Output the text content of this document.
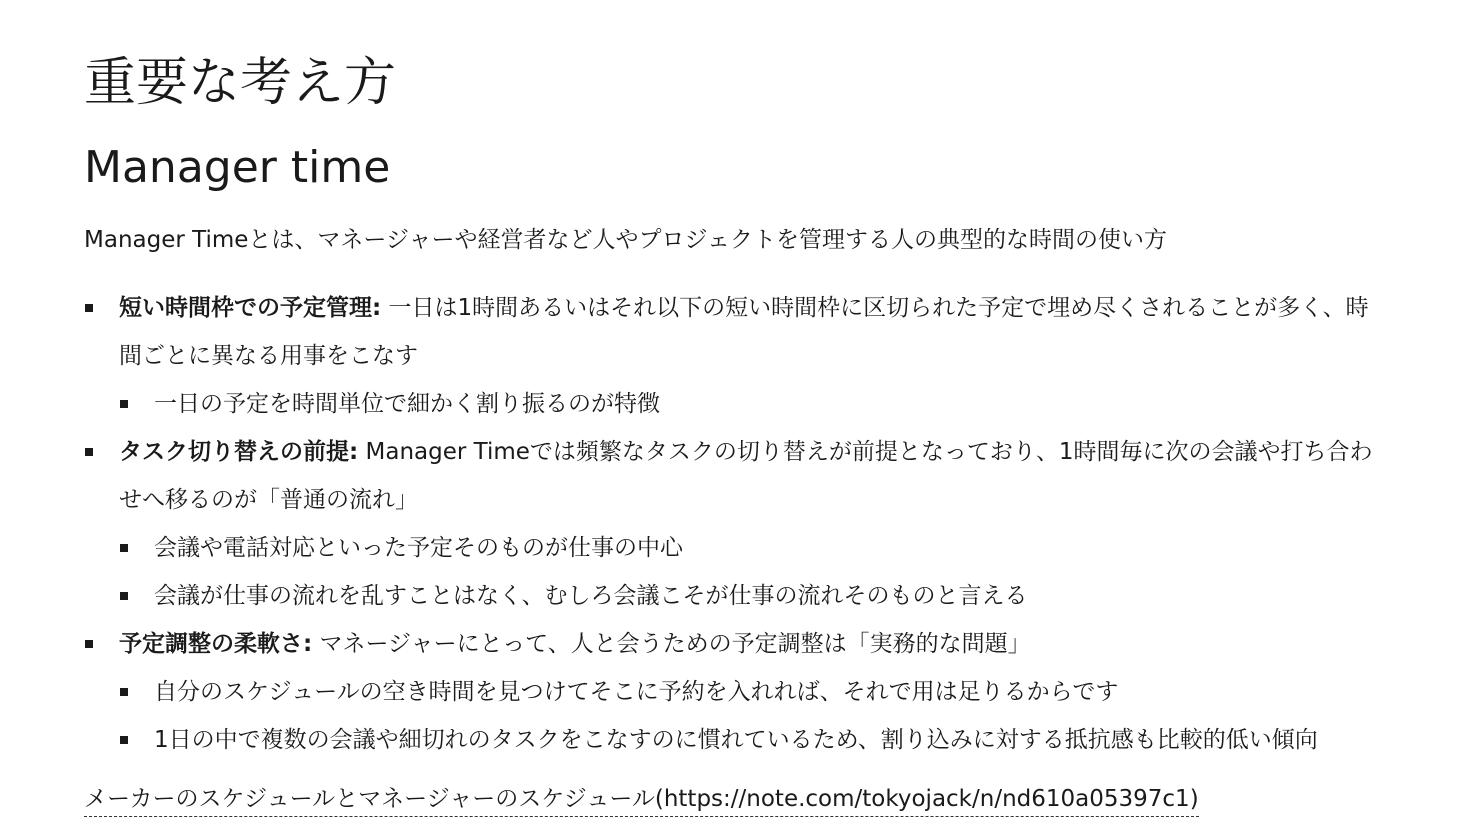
重要な考え方
Manager time

Manager Timeとは、マネージャーや経営者など人やプロジェクトを管理する人の典型的な時間の使い方

短い時間枠での予定管理: 一日は1時間あるいはそれ以下の短い時間枠に区切られた予定で埋め尽くされることが多く、時間ごとに異なる用事をこなす
一日の予定を時間単位で細かく割り振るのが特徴
タスク切り替えの前提: Manager Timeでは頻繁なタスクの切り替えが前提となっており、1時間毎に次の会議や打ち合わせへ移るのが「普通の流れ」
会議や電話対応といった予定そのものが仕事の中心
会議が仕事の流れを乱すことはなく、むしろ会議こそが仕事の流れそのものと言える
予定調整の柔軟さ: マネージャーにとって、人と会うための予定調整は「実務的な問題」
自分のスケジュールの空き時間を見つけてそこに予約を入れれば、それで用は足りるからです
1日の中で複数の会議や細切れのタスクをこなすのに慣れているため、割り込みに対する抵抗感も比較的低い傾向
メーカーのスケジュールとマネージャーのスケジュール(https://note.com/tokyojack/n/nd610a05397c1)
